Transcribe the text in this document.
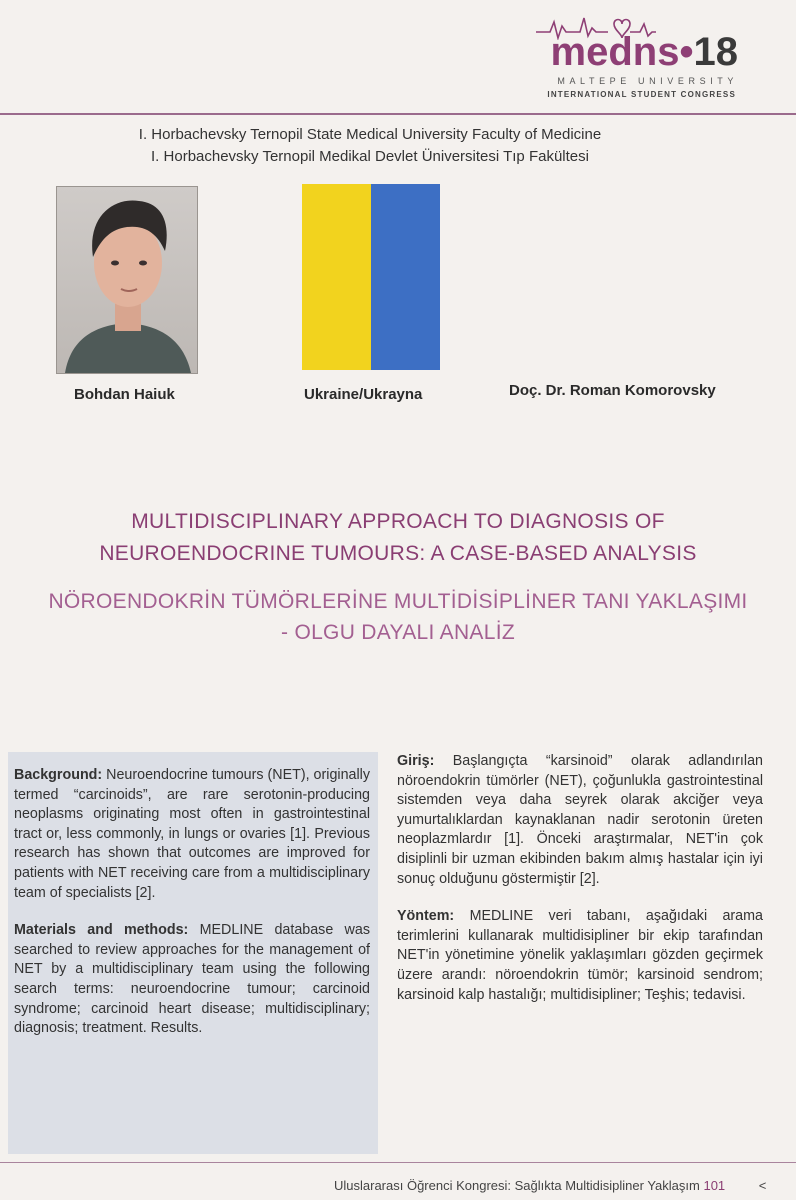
medns•18
MALTEPE UNIVERSITY
INTERNATIONAL STUDENT CONGRESS
I. Horbachevsky Ternopil State Medical University Faculty of Medicine
I. Horbachevsky Ternopil Medikal Devlet Üniversitesi Tıp Fakültesi
Bohdan Haiuk	Ukraine/Ukrayna	Doç. Dr. Roman Komorovsky
MULTIDISCIPLINARY APPROACH TO DIAGNOSIS OF
NEUROENDOCRINE TUMOURS: A CASE-BASED ANALYSIS
NÖROENDOKRİN TÜMÖRLERİNE MULTİDİSİPLİNER TANI YAKLAŞIMI
- OLGU DAYALI ANALİZ

Background: Neuroendocrine tumours (NET), originally termed “carcinoids”, are rare serotonin-producing neoplasms originating most often in gastrointestinal tract or, less commonly, in lungs or ovaries [1]. Previous research has shown that outcomes are improved for patients with NET receiving care from a multidisciplinary team of specialists [2].

Materials and methods: MEDLINE database was searched to review approaches for the management of NET by a multidisciplinary team using the following search terms: neuroendocrine tumour; carcinoid syndrome; carcinoid heart disease; multidisciplinary; diagnosis; treatment. Results.

Giriş: Başlangıçta “karsinoid” olarak adlandırılan nöroendokrin tümörler (NET), çoğunlukla gastrointestinal sistemden veya daha seyrek olarak akciğer veya yumurtalıklardan kaynaklanan nadir serotonin üreten neoplazmlardır [1]. Önceki araştırmalar, NET'in çok disiplinli bir uzman ekibinden bakım almış hastalar için iyi sonuç olduğunu göstermiştir [2].

Yöntem: MEDLINE veri tabanı, aşağıdaki arama terimlerini kullanarak multidisipliner bir ekip tarafından NET'in yönetimine yönelik yaklaşımları gözden geçirmek üzere arandı: nöroendokrin tümör; karsinoid sendrom; karsinoid kalp hastalığı; multidisipliner; Teşhis; tedavisi.

Uluslararası Öğrenci Kongresi: Sağlıkta Multidisipliner Yaklaşım 101	<
